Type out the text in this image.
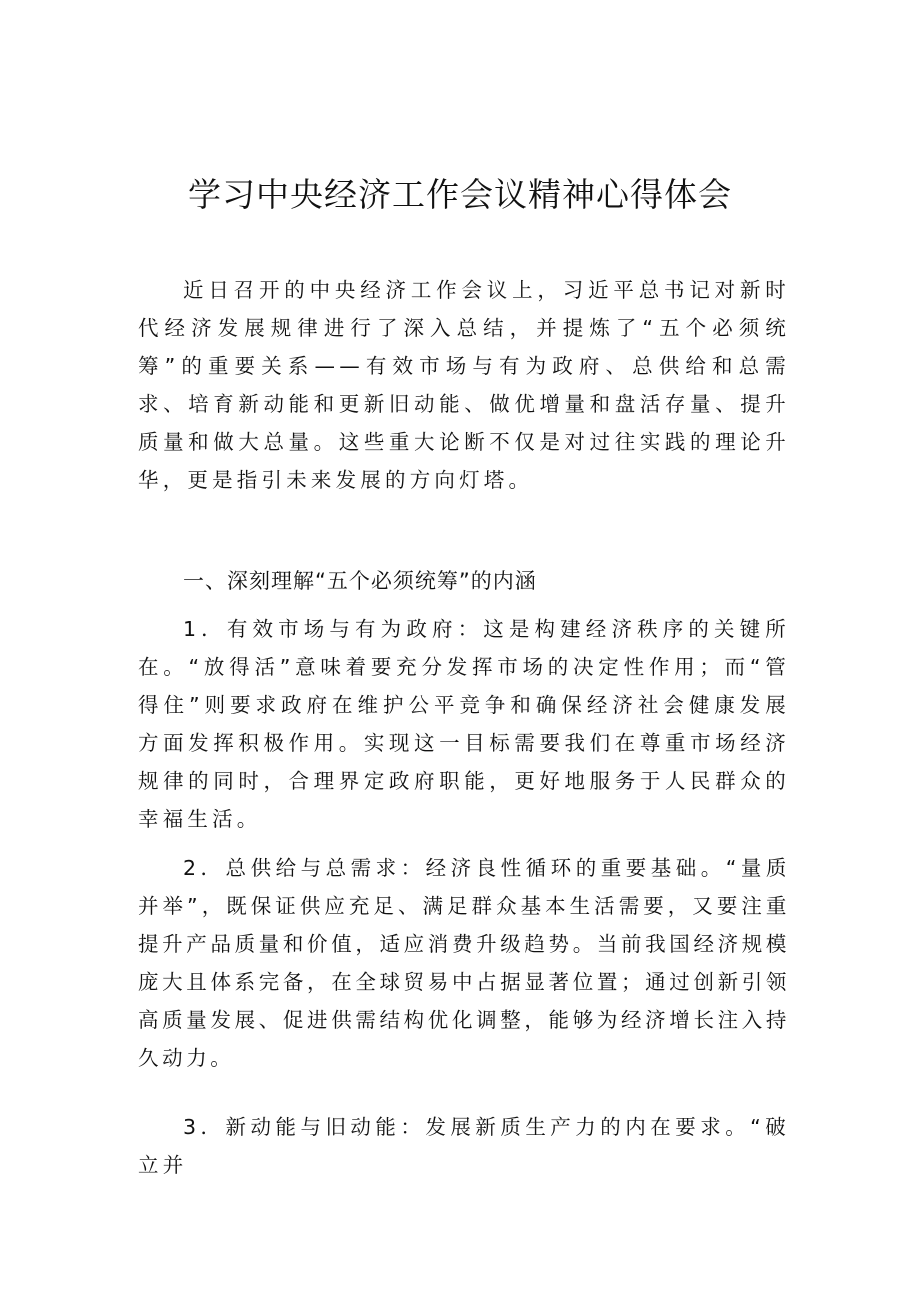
学习中央经济工作会议精神心得体会

近日召开的中央经济工作会议上，习近平总书记对新时代经济发展规律进行了深入总结，并提炼了“五个必须统筹”的重要关系——有效市场与有为政府、总供给和总需求、培育新动能和更新旧动能、做优增量和盘活存量、提升质量和做大总量。这些重大论断不仅是对过往实践的理论升华，更是指引未来发展的方向灯塔。

一、深刻理解“五个必须统筹”的内涵

1．有效市场与有为政府：这是构建经济秩序的关键所在。“放得活”意味着要充分发挥市场的决定性作用；而“管得住”则要求政府在维护公平竞争和确保经济社会健康发展方面发挥积极作用。实现这一目标需要我们在尊重市场经济规律的同时，合理界定政府职能，更好地服务于人民群众的幸福生活。

2．总供给与总需求：经济良性循环的重要基础。“量质并举”，既保证供应充足、满足群众基本生活需要，又要注重提升产品质量和价值，适应消费升级趋势。当前我国经济规模庞大且体系完备，在全球贸易中占据显著位置；通过创新引领高质量发展、促进供需结构优化调整，能够为经济增长注入持久动力。

3．新动能与旧动能：发展新质生产力的内在要求。“破立并
